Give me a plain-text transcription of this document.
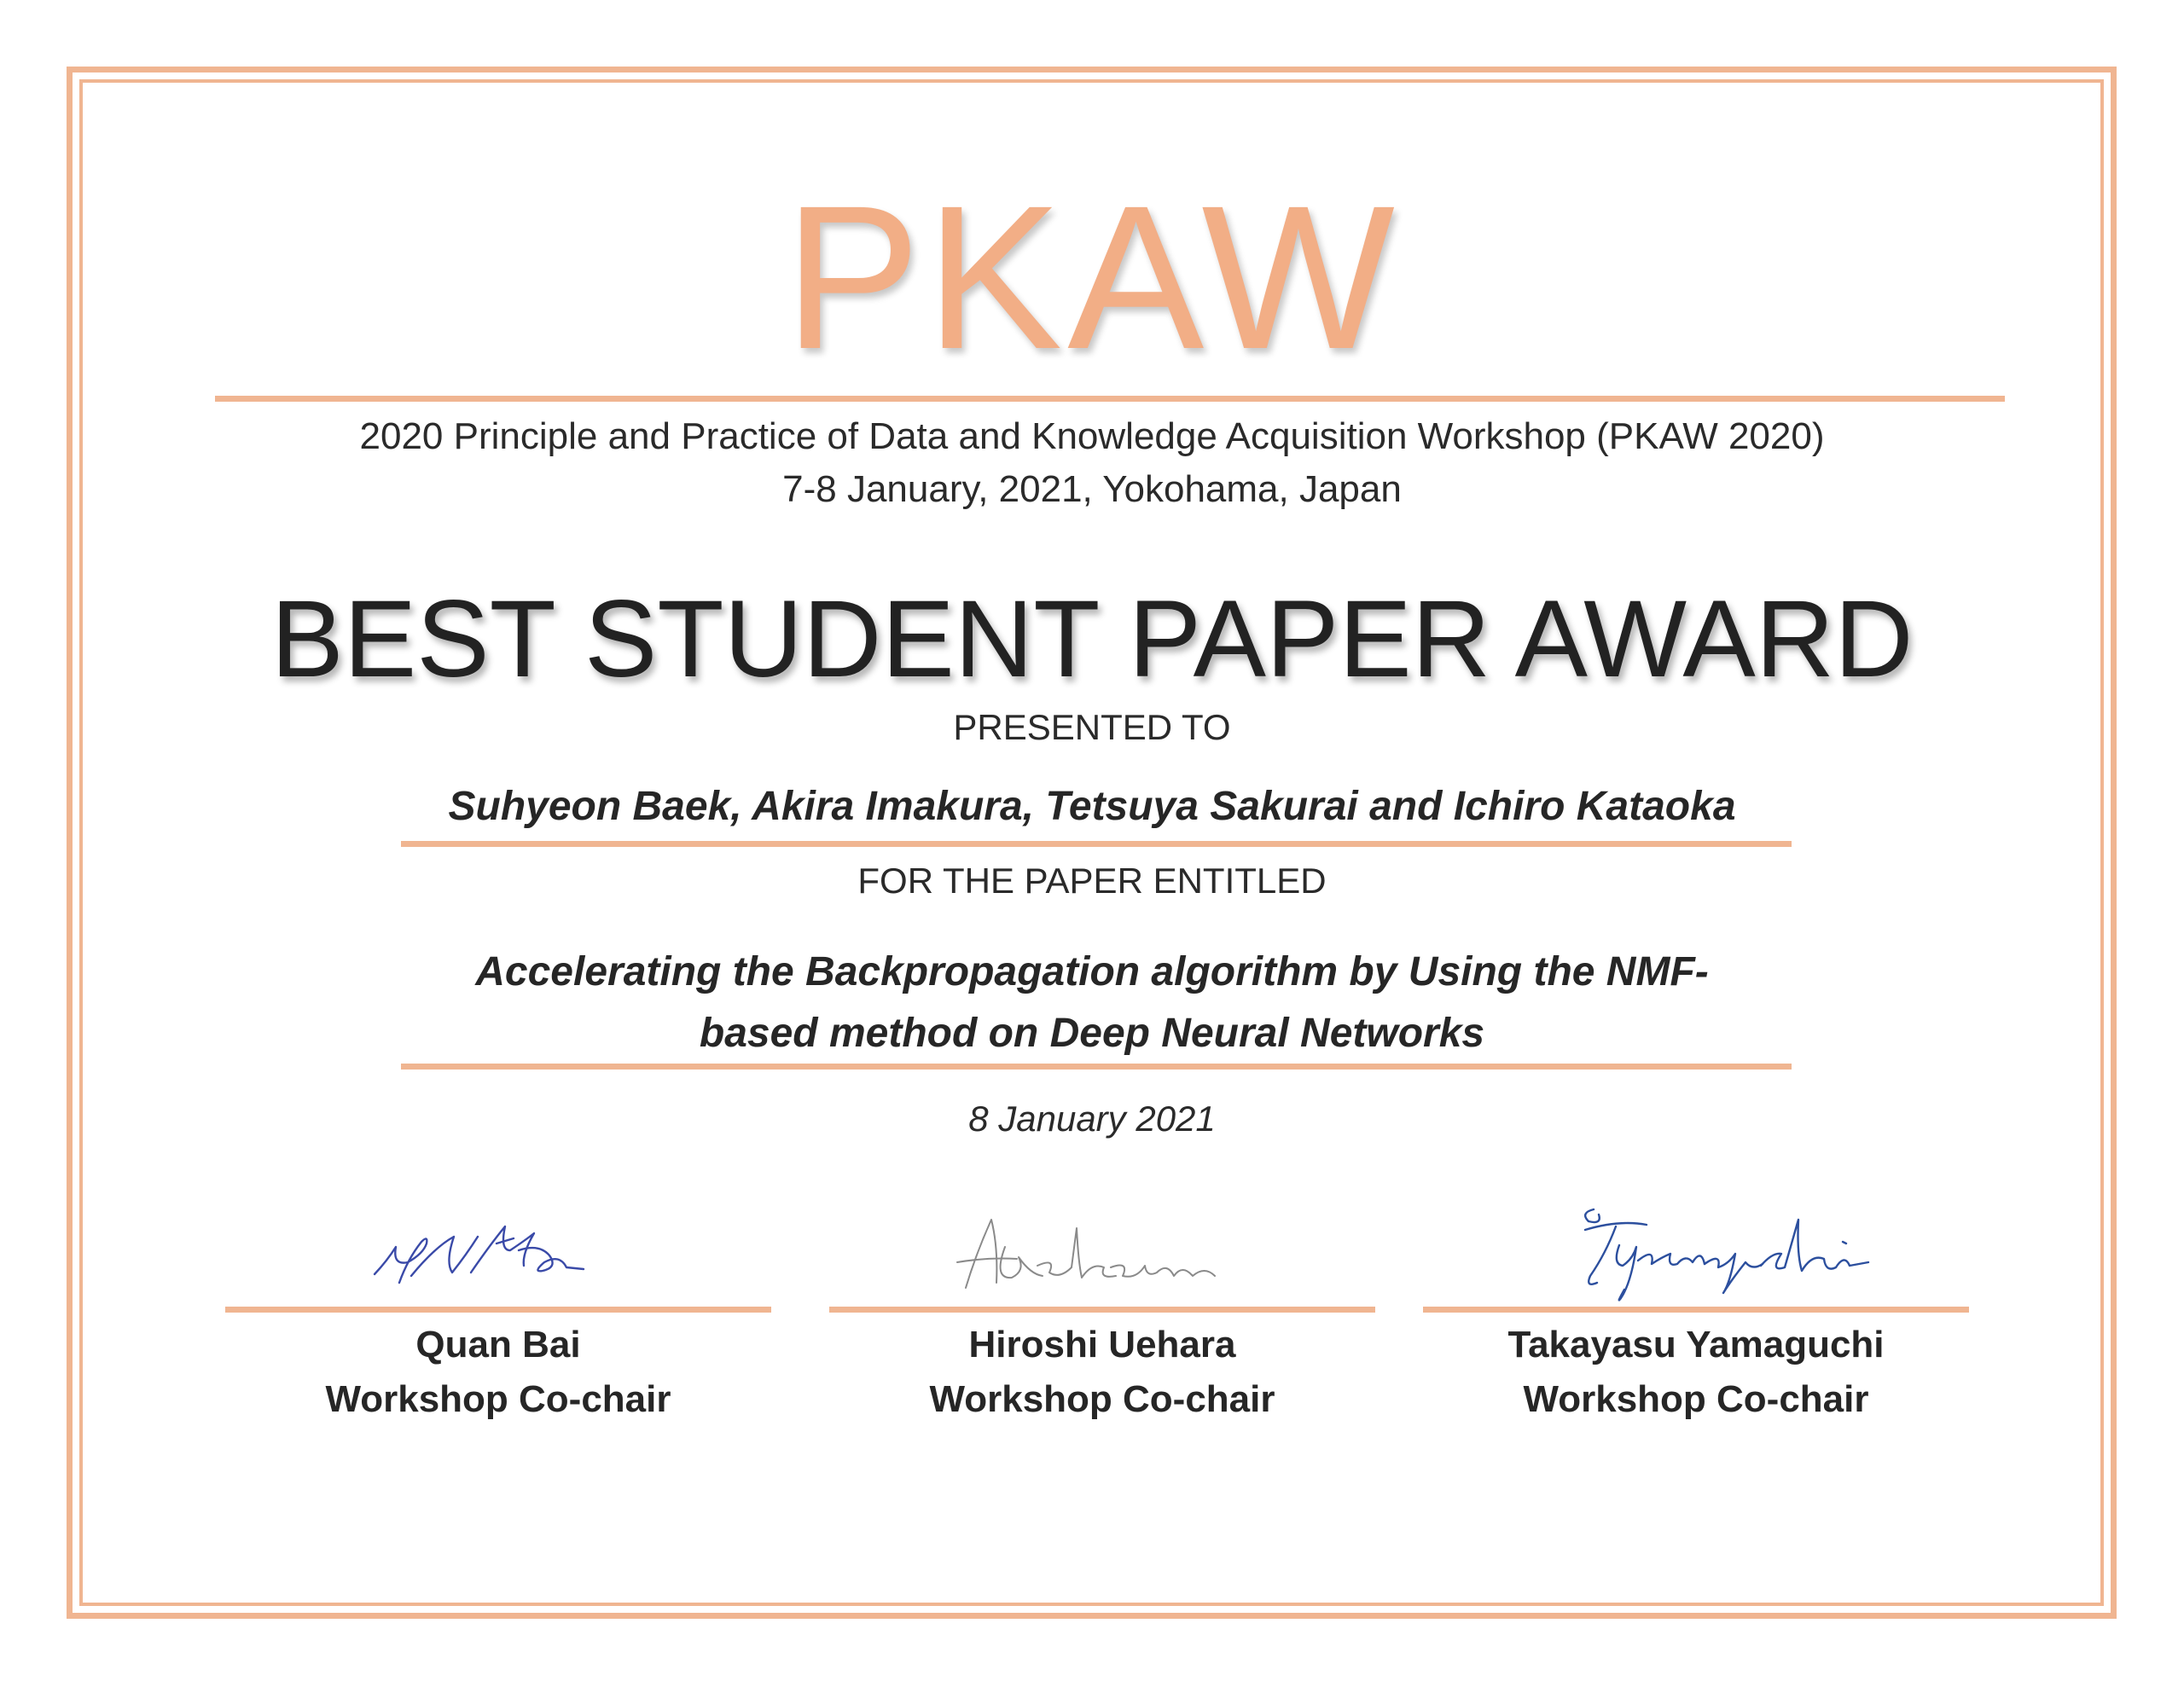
PKAW
2020 Principle and Practice of Data and Knowledge Acquisition Workshop (PKAW 2020)
7-8 January, 2021, Yokohama, Japan
BEST STUDENT PAPER AWARD
PRESENTED TO
Suhyeon Baek, Akira Imakura, Tetsuya Sakurai and Ichiro Kataoka
FOR THE PAPER ENTITLED
Accelerating the Backpropagation algorithm by Using the NMF-
based method on Deep Neural Networks
8 January 2021
Quan Bai
Workshop Co-chair
Hiroshi Uehara
Workshop Co-chair
Takayasu Yamaguchi
Workshop Co-chair
